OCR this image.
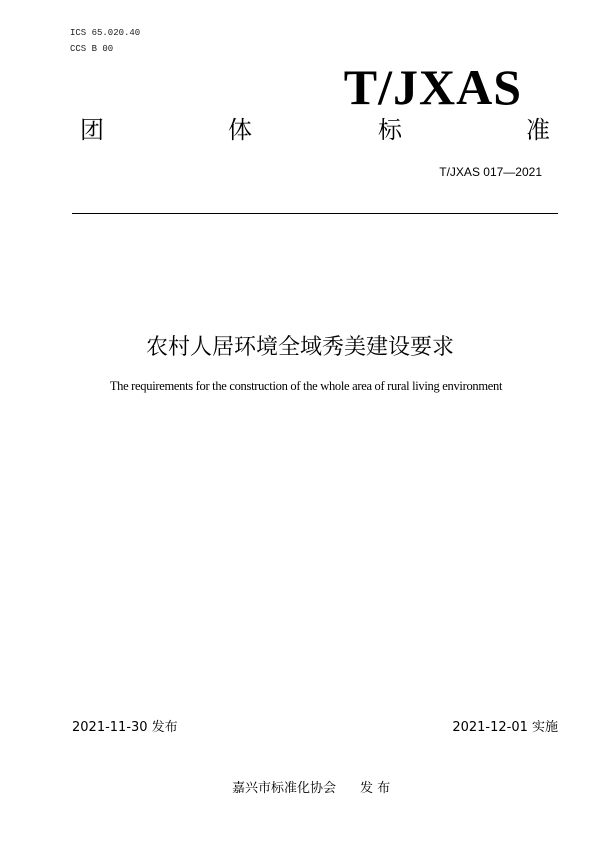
ICS 65.020.40
CCS B 00
T/JXAS
团	体	标	准
T/JXAS 017—2021
农村人居环境全域秀美建设要求
The requirements for the construction of the whole area of rural living environment
2021-11-30 发布	2021-12-01 实施
嘉兴市标准化协会 发 布
